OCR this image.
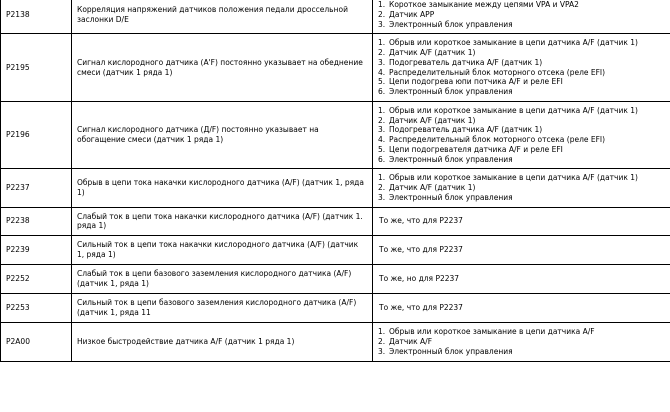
P2138	Корреляция напряжений датчиков положения педали дроссельной заслонки D/E	
1. Короткое замыкание между цепями VPA и VPA2
2. Датчик APP
3. Электронный блок управления

P2195	Сигнал кислородного датчика (A'F) постоянно указывает на обеднение смеси (датчик 1 ряда 1)	
1. Обрыв или короткое замыкание в цепи датчика A/F (датчик 1)
2. Датчик A/F (датчик 1)
3. Подогреватель датчика A/F (датчик 1)
4. Распределительный блок моторного отсека (реле EFI)
5. Цепи подогрева юпи потчика A/F и реле EFI
6. Электронный блок управления

P2196	Сигнал кислородного датчика (Д/F) постоянно указывает на обогащение смеси (датчик 1 ряда 1)	
1. Обрыв или короткое замыкание в цепи датчика A/F (датчик 1)
2. Датчик A/F (датчик 1)
3. Подогреватель датчика A/F (датчик 1)
4. Распределительный блок моторного отсека (реле EFI)
5. Цепи подогревателя датчика A/F и реле EFI
6. Электронный блок управления

P2237	Обрыв в цепи тока накачки кислородного датчика (A/F) (датчик 1, ряда 1)	
1. Обрыв или короткое замыкание в цепи датчика A/F (датчик 1)
2. Датчик A/F (датчик 1)
3. Электронный блок управления

P2238	Слабый ток в цепи тока накачки кислородного датчика (A/F) (датчик 1. ряда 1)	То же, что для P2237

P2239	Сильный ток в цепи тока накачки кислородного датчика (A/F) (датчик 1, ряда 1)	То же, что для P2237

P2252	Слабый ток в цепи базового заземления кислородного датчика (A/F) (датчик 1, ряда 1)	То же, но для P2237

P2253	Сильный ток в цепи базового заземления кислородного датчика (A/F) (датчик 1, ряда 11	То же, что для P2237

P2A00	Низкое быстродействие датчика A/F (датчик 1 ряда 1)	
1. Обрыв или короткое замыкание в цепи датчика A/F
2. Датчик A/F
3. Электронный блок управления
